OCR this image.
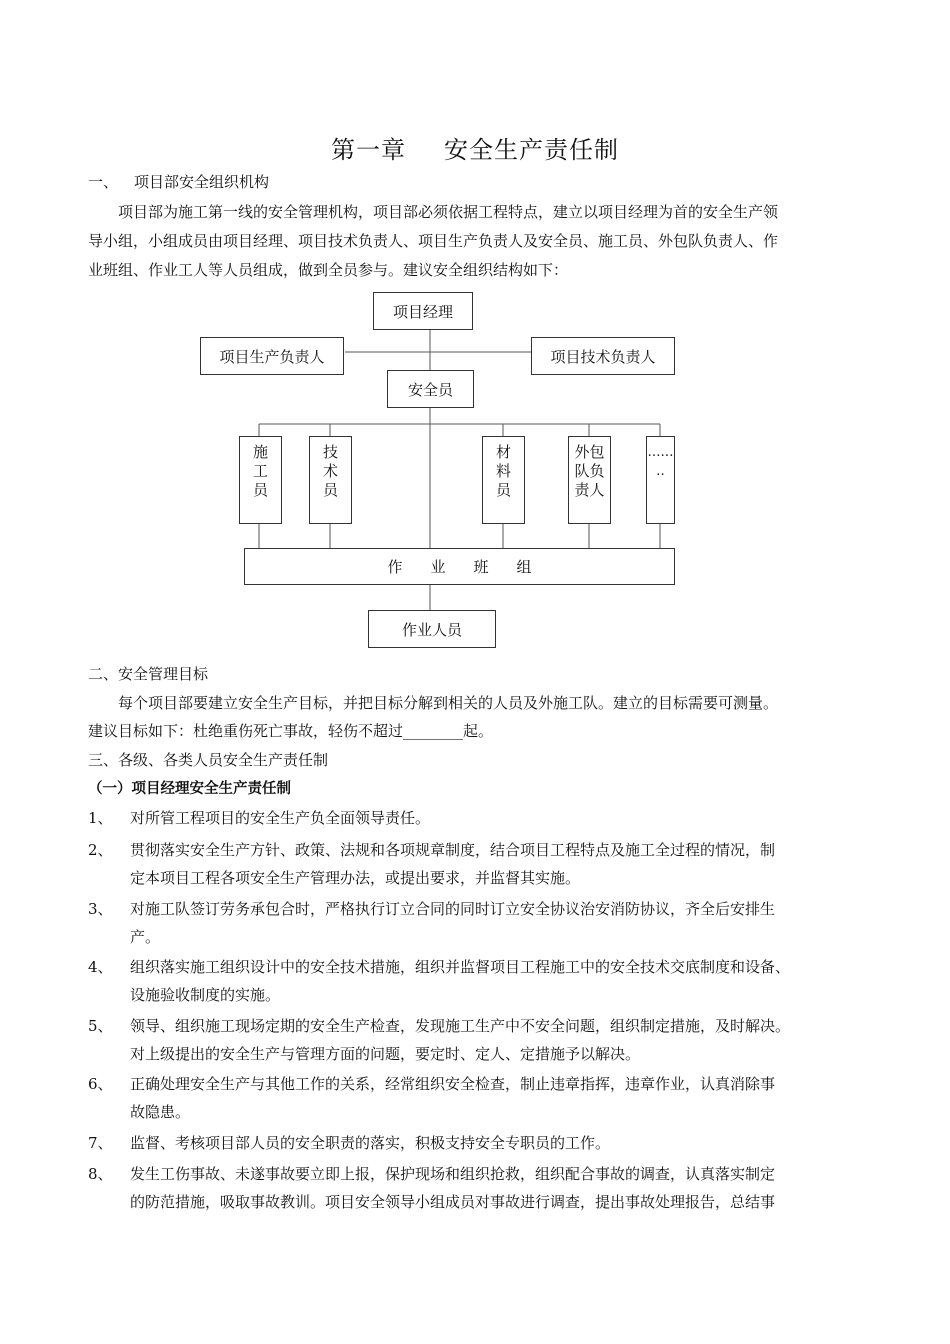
第一章 安全生产责任制
一、 项目部安全组织机构
项目部为施工第一线的安全管理机构，项目部必须依据工程特点，建立以项目经理为首的安全生产领
导小组，小组成员由项目经理、项目技术负责人、项目生产负责人及安全员、施工员、外包队负责人、作
业班组、作业工人等人员组成，做到全员参与。建议安全组织结构如下：
项目经理
项目生产负责人	项目技术负责人
安全员
施
工
员
技
术
员
材
料
员
外包
队负
责人
……
‥
作业班组
作业人员
二、安全管理目标
每个项目部要建立安全生产目标，并把目标分解到相关的人员及外施工队。建立的目标需要可测量。
建议目标如下：杜绝重伤死亡事故，轻伤不超过________起。
三、各级、各类人员安全生产责任制
（一）项目经理安全生产责任制
1、 对所管工程项目的安全生产负全面领导责任。
2、 贯彻落实安全生产方针、政策、法规和各项规章制度，结合项目工程特点及施工全过程的情况，制
定本项目工程各项安全生产管理办法，或提出要求，并监督其实施。
3、 对施工队签订劳务承包合时，严格执行订立合同的同时订立安全协议治安消防协议，齐全后安排生
产。
4、 组织落实施工组织设计中的安全技术措施，组织并监督项目工程施工中的安全技术交底制度和设备、
设施验收制度的实施。
5、 领导、组织施工现场定期的安全生产检查，发现施工生产中不安全问题，组织制定措施，及时解决。
对上级提出的安全生产与管理方面的问题，要定时、定人、定措施予以解决。
6、 正确处理安全生产与其他工作的关系，经常组织安全检查，制止违章指挥，违章作业，认真消除事
故隐患。
7、 监督、考核项目部人员的安全职责的落实，积极支持安全专职员的工作。
8、 发生工伤事故、未遂事故要立即上报，保护现场和组织抢救，组织配合事故的调查，认真落实制定
的防范措施，吸取事故教训。项目安全领导小组成员对事故进行调查，提出事故处理报告，总结事
